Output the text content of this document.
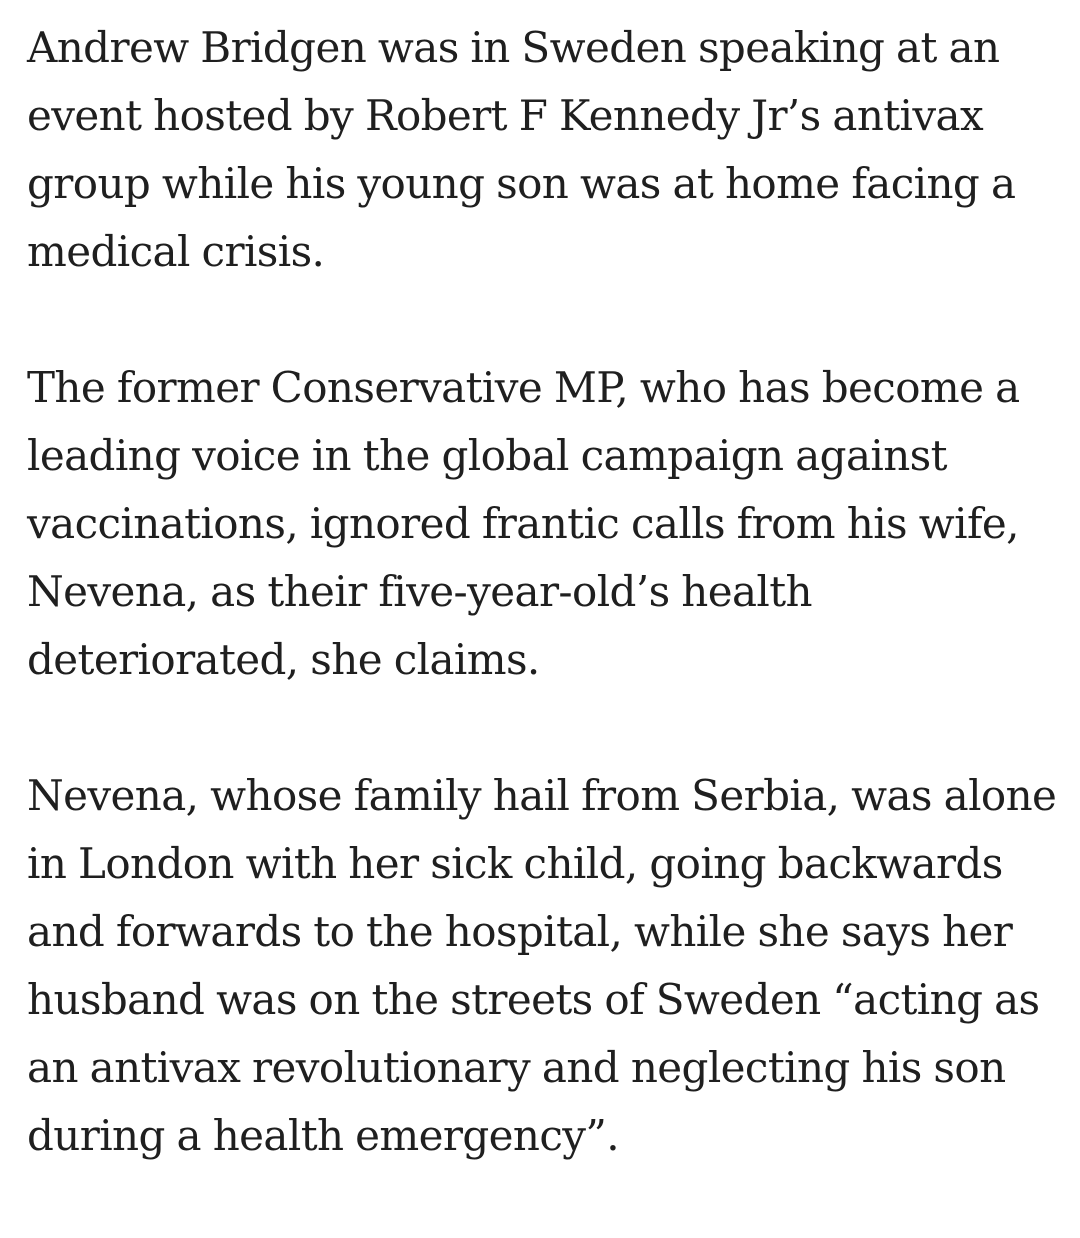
Andrew Bridgen was in Sweden speaking at an
event hosted by Robert F Kennedy Jr’s antivax
group while his young son was at home facing a
medical crisis.

The former Conservative MP, who has become a
leading voice in the global campaign against
vaccinations, ignored frantic calls from his wife,
Nevena, as their five-year-old’s health
deteriorated, she claims.

Nevena, whose family hail from Serbia, was alone
in London with her sick child, going backwards
and forwards to the hospital, while she says her
husband was on the streets of Sweden “acting as
an antivax revolutionary and neglecting his son
during a health emergency”.
